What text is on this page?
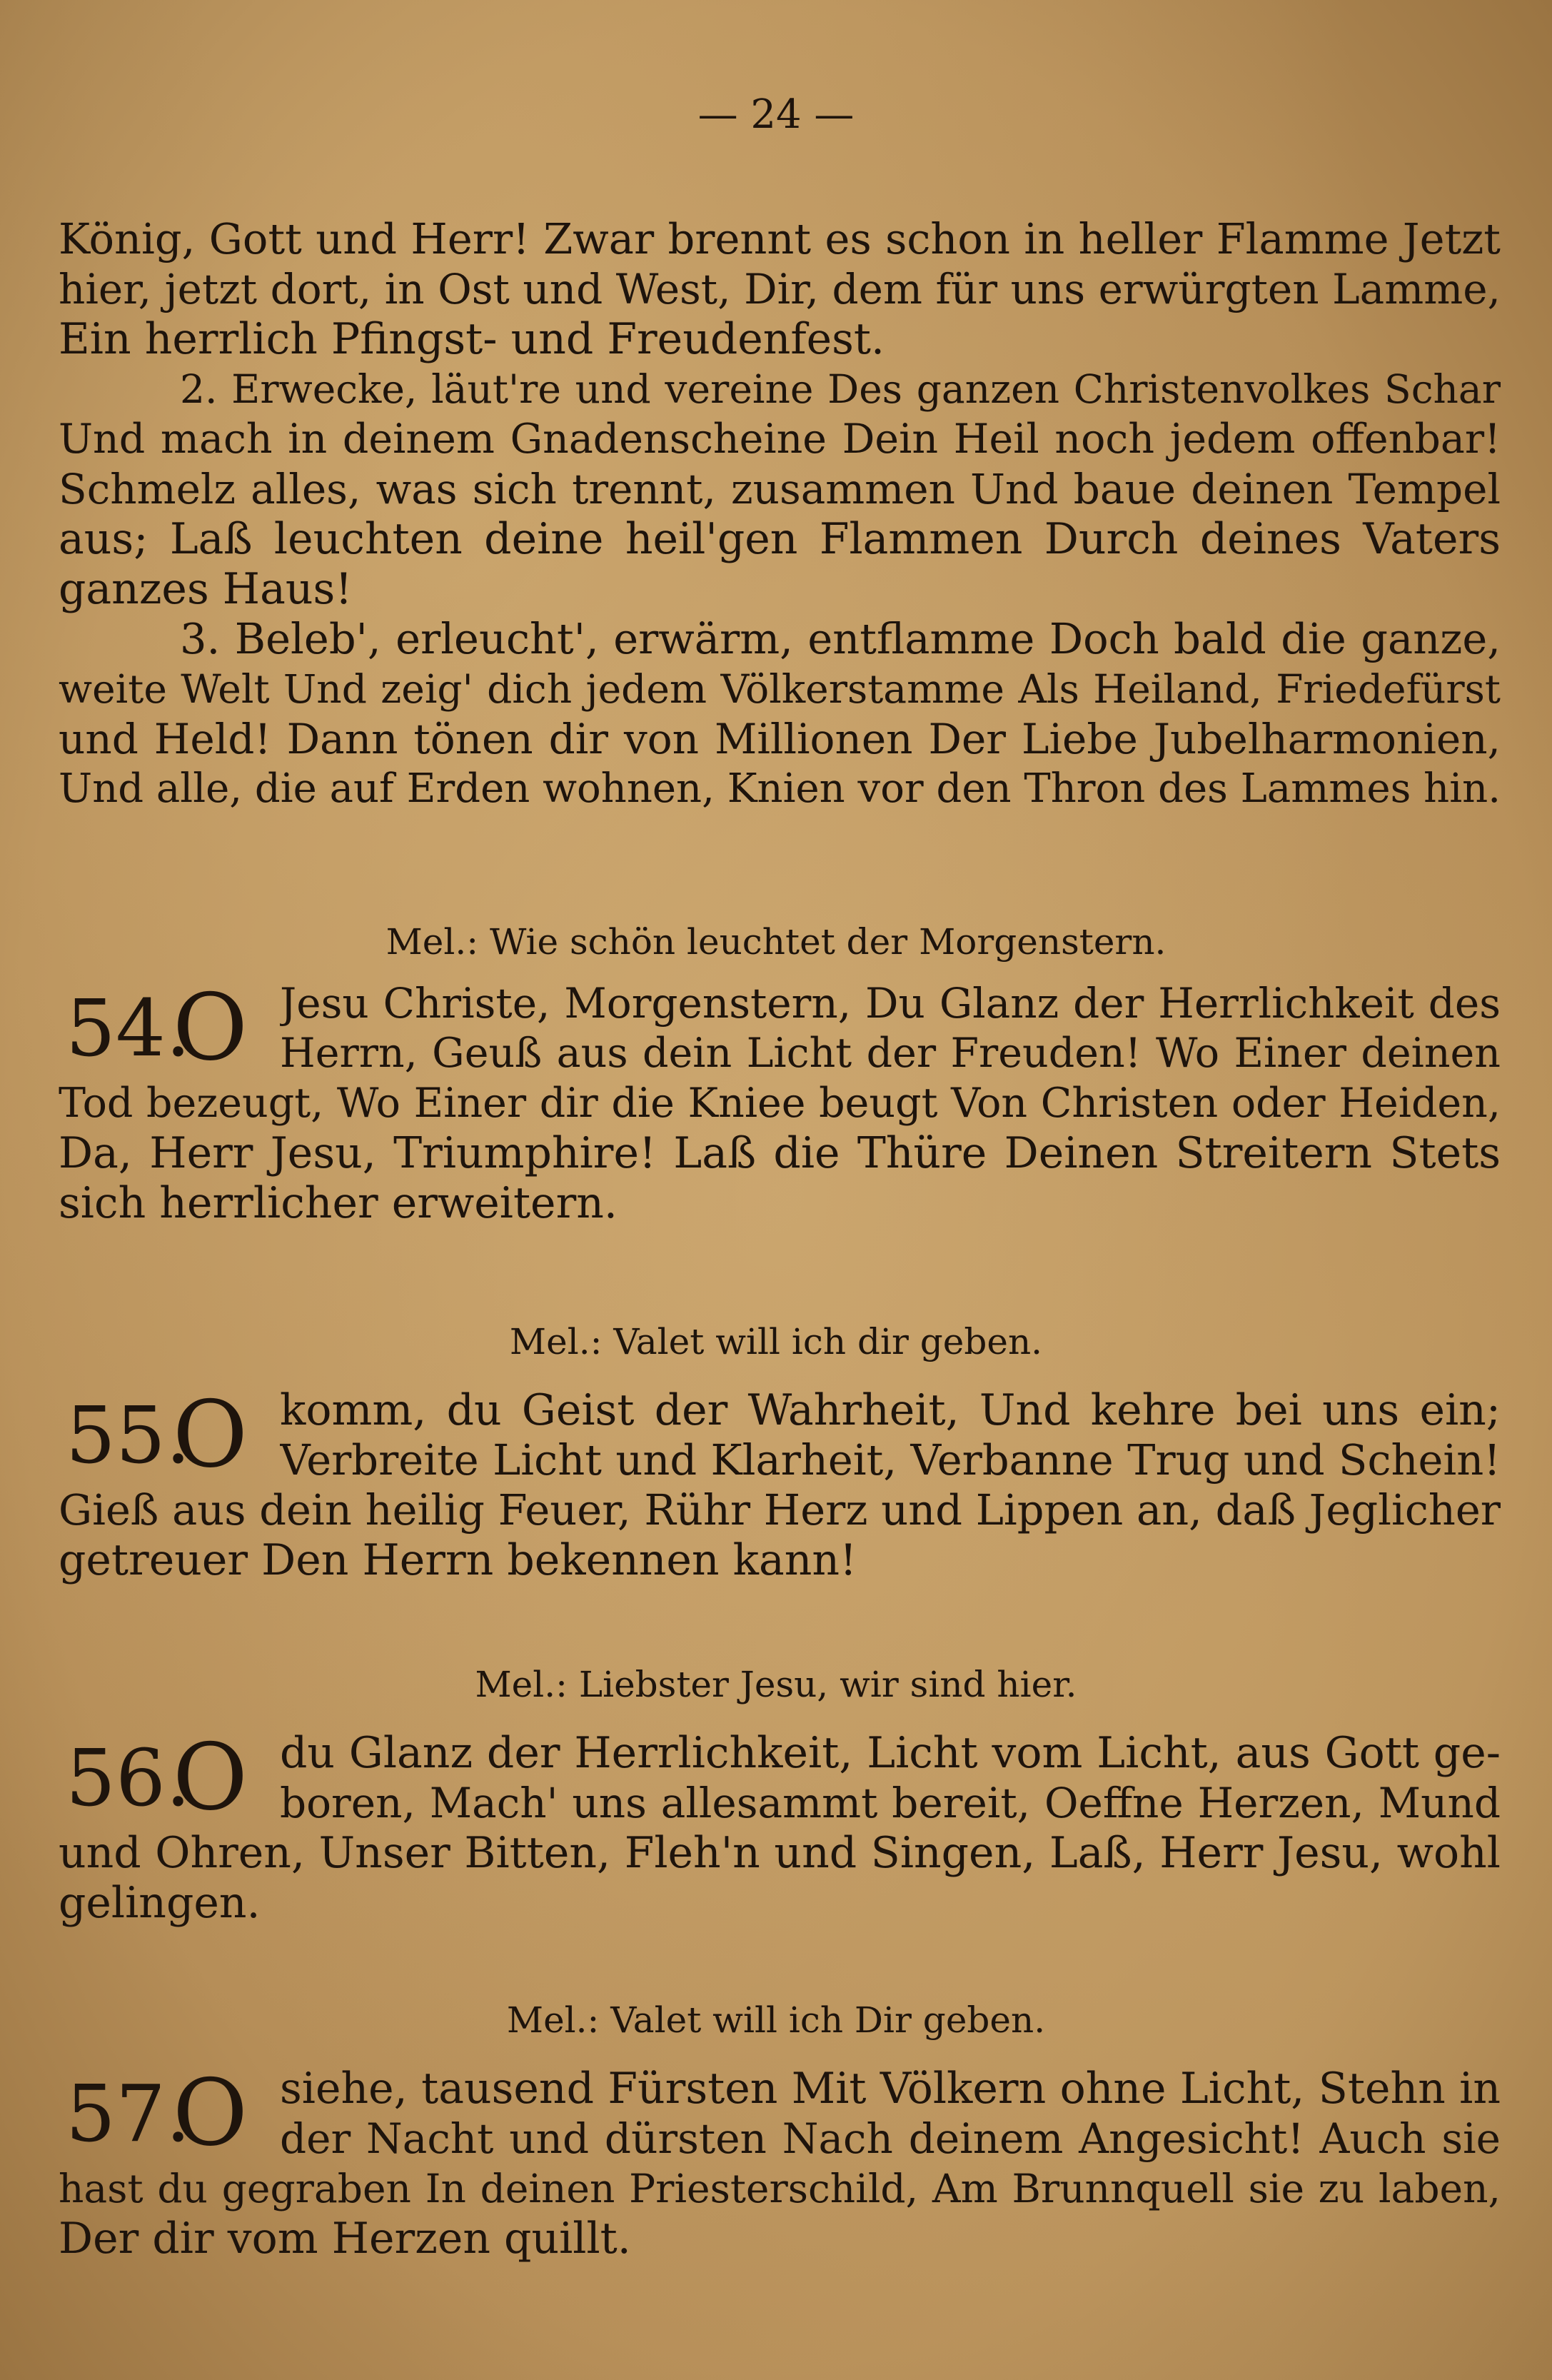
— 24 —
König, Gott und Herr! Zwar brennt es schon in heller Flamme Jetzt
hier, jetzt dort, in Ost und West, Dir, dem für uns erwürgten Lamme,
Ein herrlich Pfingst- und Freudenfest.
2. Erwecke, läut're und vereine Des ganzen Christenvolkes Schar
Und mach in deinem Gnadenscheine Dein Heil noch jedem offenbar!
Schmelz alles, was sich trennt, zusammen Und baue deinen Tempel
aus; Laß leuchten deine heil'gen Flammen Durch deines Vaters
ganzes Haus!
3. Beleb', erleucht', erwärm, entflamme Doch bald die ganze,
weite Welt Und zeig' dich jedem Völkerstamme Als Heiland, Friedefürst
und Held! Dann tönen dir von Millionen Der Liebe Jubelharmonien,
Und alle, die auf Erden wohnen, Knien vor den Thron des Lammes hin.
Mel.: Wie schön leuchtet der Morgenstern.
54.
O Jesu Christe, Morgenstern, Du Glanz der Herrlichkeit des
Herrn, Geuß aus dein Licht der Freuden! Wo Einer deinen
Tod bezeugt, Wo Einer dir die Kniee beugt Von Christen oder Heiden,
Da, Herr Jesu, Triumphire! Laß die Thüre Deinen Streitern Stets
sich herrlicher erweitern.
Mel.: Valet will ich dir geben.
55.
O komm, du Geist der Wahrheit, Und kehre bei uns ein;
Verbreite Licht und Klarheit, Verbanne Trug und Schein!
Gieß aus dein heilig Feuer, Rühr Herz und Lippen an, daß Jeglicher
getreuer Den Herrn bekennen kann!
Mel.: Liebster Jesu, wir sind hier.
56.
O du Glanz der Herrlichkeit, Licht vom Licht, aus Gott ge-
boren, Mach' uns allesammt bereit, Oeffne Herzen, Mund
und Ohren, Unser Bitten, Fleh'n und Singen, Laß, Herr Jesu, wohl
gelingen.
Mel.: Valet will ich Dir geben.
57.
O siehe, tausend Fürsten Mit Völkern ohne Licht, Stehn in
der Nacht und dürsten Nach deinem Angesicht! Auch sie
hast du gegraben In deinen Priesterschild, Am Brunnquell sie zu laben,
Der dir vom Herzen quillt.
